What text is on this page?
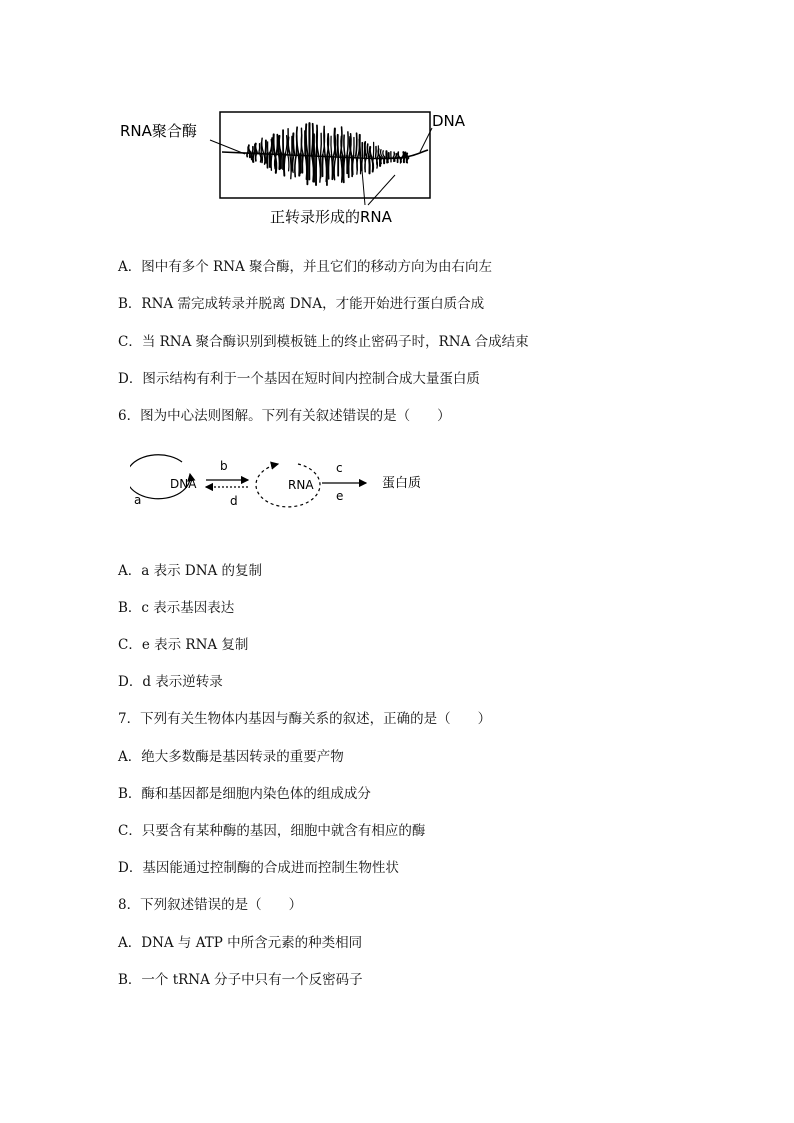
RNA聚合酶
DNA
正转录形成的RNA
A．图中有多个 RNA 聚合酶，并且它们的移动方向为由右向左
B．RNA 需完成转录并脱离 DNA，才能开始进行蛋白质合成
C．当 RNA 聚合酶识别到模板链上的终止密码子时，RNA 合成结束
D．图示结构有利于一个基因在短时间内控制合成大量蛋白质
6．图为中心法则图解。下列有关叙述错误的是（　　）
DNA
a
b
d
RNA
c
e
蛋白质
A．a 表示 DNA 的复制
B．c 表示基因表达
C．e 表示 RNA 复制
D．d 表示逆转录
7．下列有关生物体内基因与酶关系的叙述，正确的是（　　）
A．绝大多数酶是基因转录的重要产物
B．酶和基因都是细胞内染色体的组成成分
C．只要含有某种酶的基因，细胞中就含有相应的酶
D．基因能通过控制酶的合成进而控制生物性状
8．下列叙述错误的是（　　）
A．DNA 与 ATP 中所含元素的种类相同
B．一个 tRNA 分子中只有一个反密码子
